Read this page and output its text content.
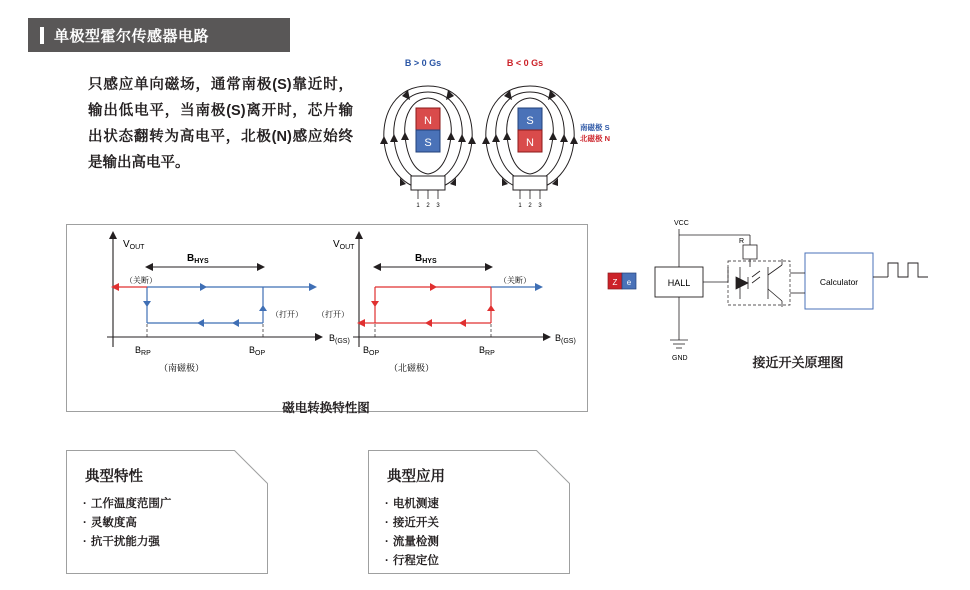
单极型霍尔传感器电路
只感应单向磁场，通常南极(S)靠近时，输出低电平，当南极(S)离开时，芯片输出状态翻转为高电平，北极(N)感应始终是输出高电平。
B > 0 Gs
N
S
1 2 3
B < 0 Gs
S
N
1 2 3
南磁极 S
北磁极 N
$V_{OUT}$
$B_{(GS)}$
$B_{HYS}$
（关断）
（打开）
$B_{RP}$	$B_{OP}$
（南磁极）
$V_{OUT}$
$B_{(GS)}$
$B_{HYS}$
（打开）
（关断）
$B_{OP}$	$B_{RP}$
（北磁极）
磁电转换特性图
Z e	HALL
VCC
R
GND
Calculator
接近开关原理图
典型特性
· 工作温度范围广
· 灵敏度高
· 抗干扰能力强
典型应用
· 电机测速
· 接近开关
· 流量检测
· 行程定位
